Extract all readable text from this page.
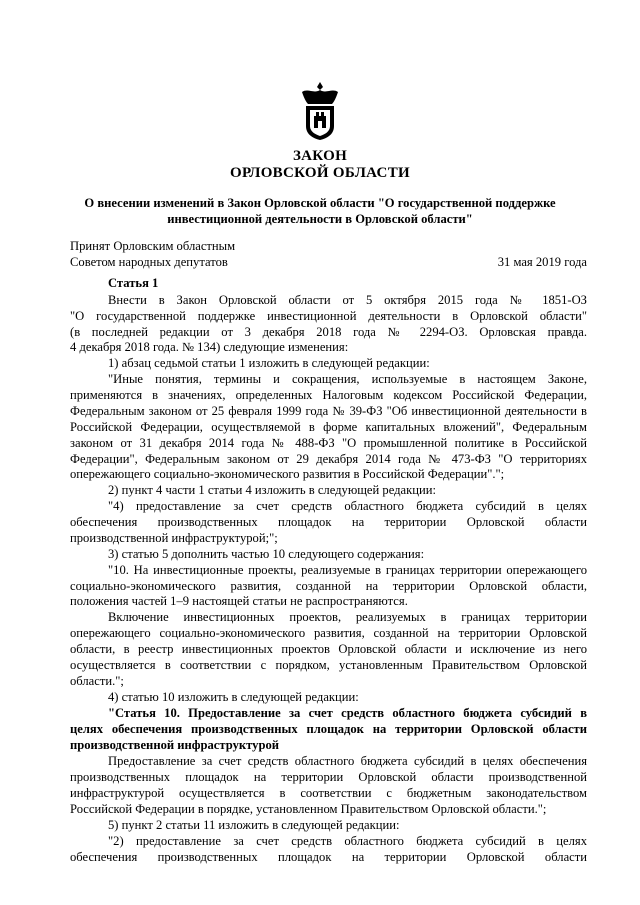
ЗАКОН
ОРЛОВСКОЙ ОБЛАСТИ
О внесении изменений в Закон Орловской области "О государственной поддержке
инвестиционной деятельности в Орловской области"
Принят Орловским областным
Советом народных депутатов	31 мая 2019 года
Статья 1
Внести в Закон Орловской области от 5 октября 2015 года № 1851-ОЗ
"О государственной поддержке инвестиционной деятельности в Орловской области"
(в последней редакции от 3 декабря 2018 года № 2294-ОЗ. Орловская правда.
4 декабря 2018 года. № 134) следующие изменения:
1) абзац седьмой статьи 1 изложить в следующей редакции:
"Иные понятия, термины и сокращения, используемые в настоящем Законе,
применяются в значениях, определенных Налоговым кодексом Российской Федерации,
Федеральным законом от 25 февраля 1999 года № 39-ФЗ "Об инвестиционной деятельности в
Российской Федерации, осуществляемой в форме капитальных вложений", Федеральным
законом от 31 декабря 2014 года № 488-ФЗ "О промышленной политике в Российской
Федерации", Федеральным законом от 29 декабря 2014 года № 473-ФЗ "О территориях
опережающего социально-экономического развития в Российской Федерации".";
2) пункт 4 части 1 статьи 4 изложить в следующей редакции:
"4) предоставление за счет средств областного бюджета субсидий в целях
обеспечения производственных площадок на территории Орловской области
производственной инфраструктурой;";
3) статью 5 дополнить частью 10 следующего содержания:
"10. На инвестиционные проекты, реализуемые в границах территории опережающего
социально-экономического развития, созданной на территории Орловской области,
положения частей 1–9 настоящей статьи не распространяются.
Включение инвестиционных проектов, реализуемых в границах территории
опережающего социально-экономического развития, созданной на территории Орловской
области, в реестр инвестиционных проектов Орловской области и исключение из него
осуществляется в соответствии с порядком, установленным Правительством Орловской
области.";
4) статью 10 изложить в следующей редакции:
"Статья 10. Предоставление за счет средств областного бюджета субсидий в
целях обеспечения производственных площадок на территории Орловской области
производственной инфраструктурой
Предоставление за счет средств областного бюджета субсидий в целях обеспечения
производственных площадок на территории Орловской области производственной
инфраструктурой осуществляется в соответствии с бюджетным законодательством
Российской Федерации в порядке, установленном Правительством Орловской области.";
5) пункт 2 статьи 11 изложить в следующей редакции:
"2) предоставление за счет средств областного бюджета субсидий в целях
обеспечения производственных площадок на территории Орловской области
